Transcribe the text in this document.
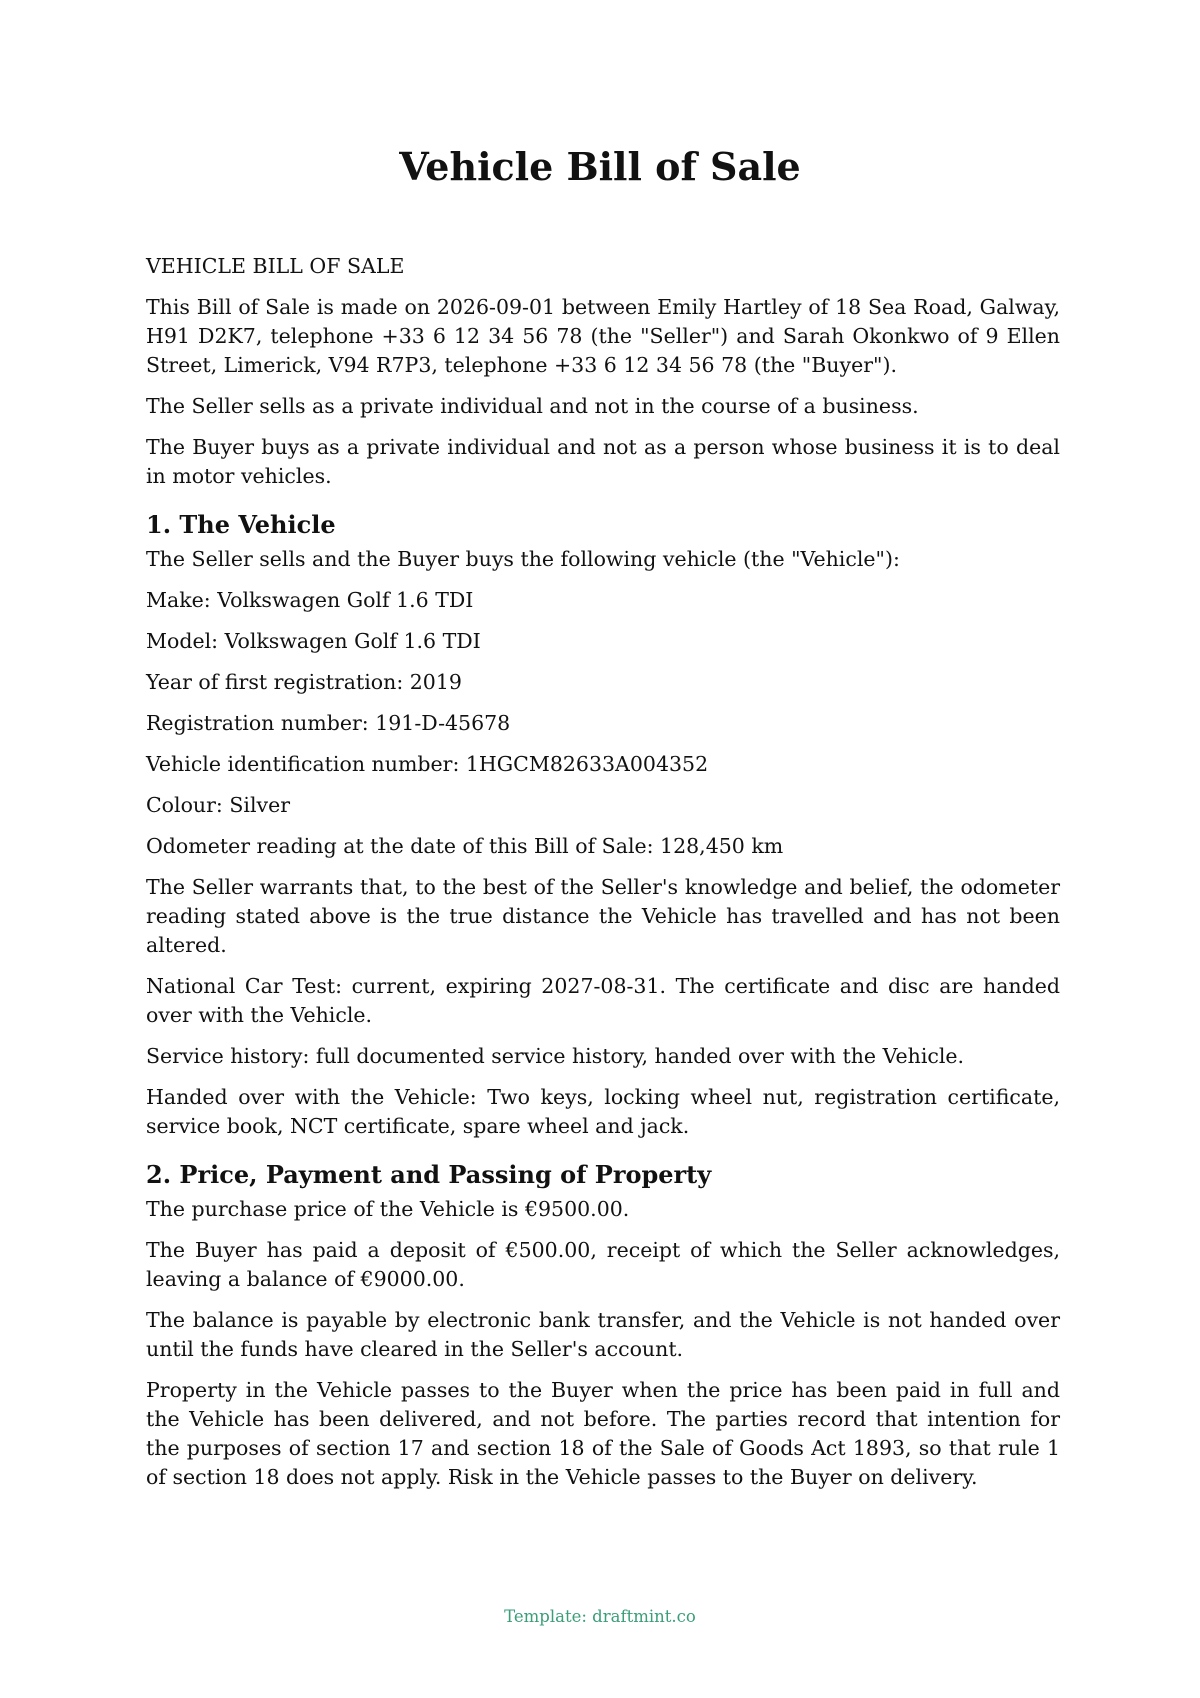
Vehicle Bill of Sale

VEHICLE BILL OF SALE

This Bill of Sale is made on 2026-09-01 between Emily Hartley of 18 Sea Road, Galway, H91 D2K7, telephone +33 6 12 34 56 78 (the "Seller") and Sarah Okonkwo of 9 Ellen Street, Limerick, V94 R7P3, telephone +33 6 12 34 56 78 (the "Buyer").

The Seller sells as a private individual and not in the course of a business.

The Buyer buys as a private individual and not as a person whose business it is to deal in motor vehicles.

1. The Vehicle

The Seller sells and the Buyer buys the following vehicle (the "Vehicle"):

Make: Volkswagen Golf 1.6 TDI

Model: Volkswagen Golf 1.6 TDI

Year of first registration: 2019

Registration number: 191-D-45678

Vehicle identification number: 1HGCM82633A004352

Colour: Silver

Odometer reading at the date of this Bill of Sale: 128,450 km

The Seller warrants that, to the best of the Seller's knowledge and belief, the odometer reading stated above is the true distance the Vehicle has travelled and has not been altered.

National Car Test: current, expiring 2027-08-31. The certificate and disc are handed over with the Vehicle.

Service history: full documented service history, handed over with the Vehicle.

Handed over with the Vehicle: Two keys, locking wheel nut, registration certificate, service book, NCT certificate, spare wheel and jack.

2. Price, Payment and Passing of Property

The purchase price of the Vehicle is €9500.00.

The Buyer has paid a deposit of €500.00, receipt of which the Seller acknowledges, leaving a balance of €9000.00.

The balance is payable by electronic bank transfer, and the Vehicle is not handed over until the funds have cleared in the Seller's account.

Property in the Vehicle passes to the Buyer when the price has been paid in full and the Vehicle has been delivered, and not before. The parties record that intention for the purposes of section 17 and section 18 of the Sale of Goods Act 1893, so that rule 1 of section 18 does not apply. Risk in the Vehicle passes to the Buyer on delivery.

Template: draftmint.co
